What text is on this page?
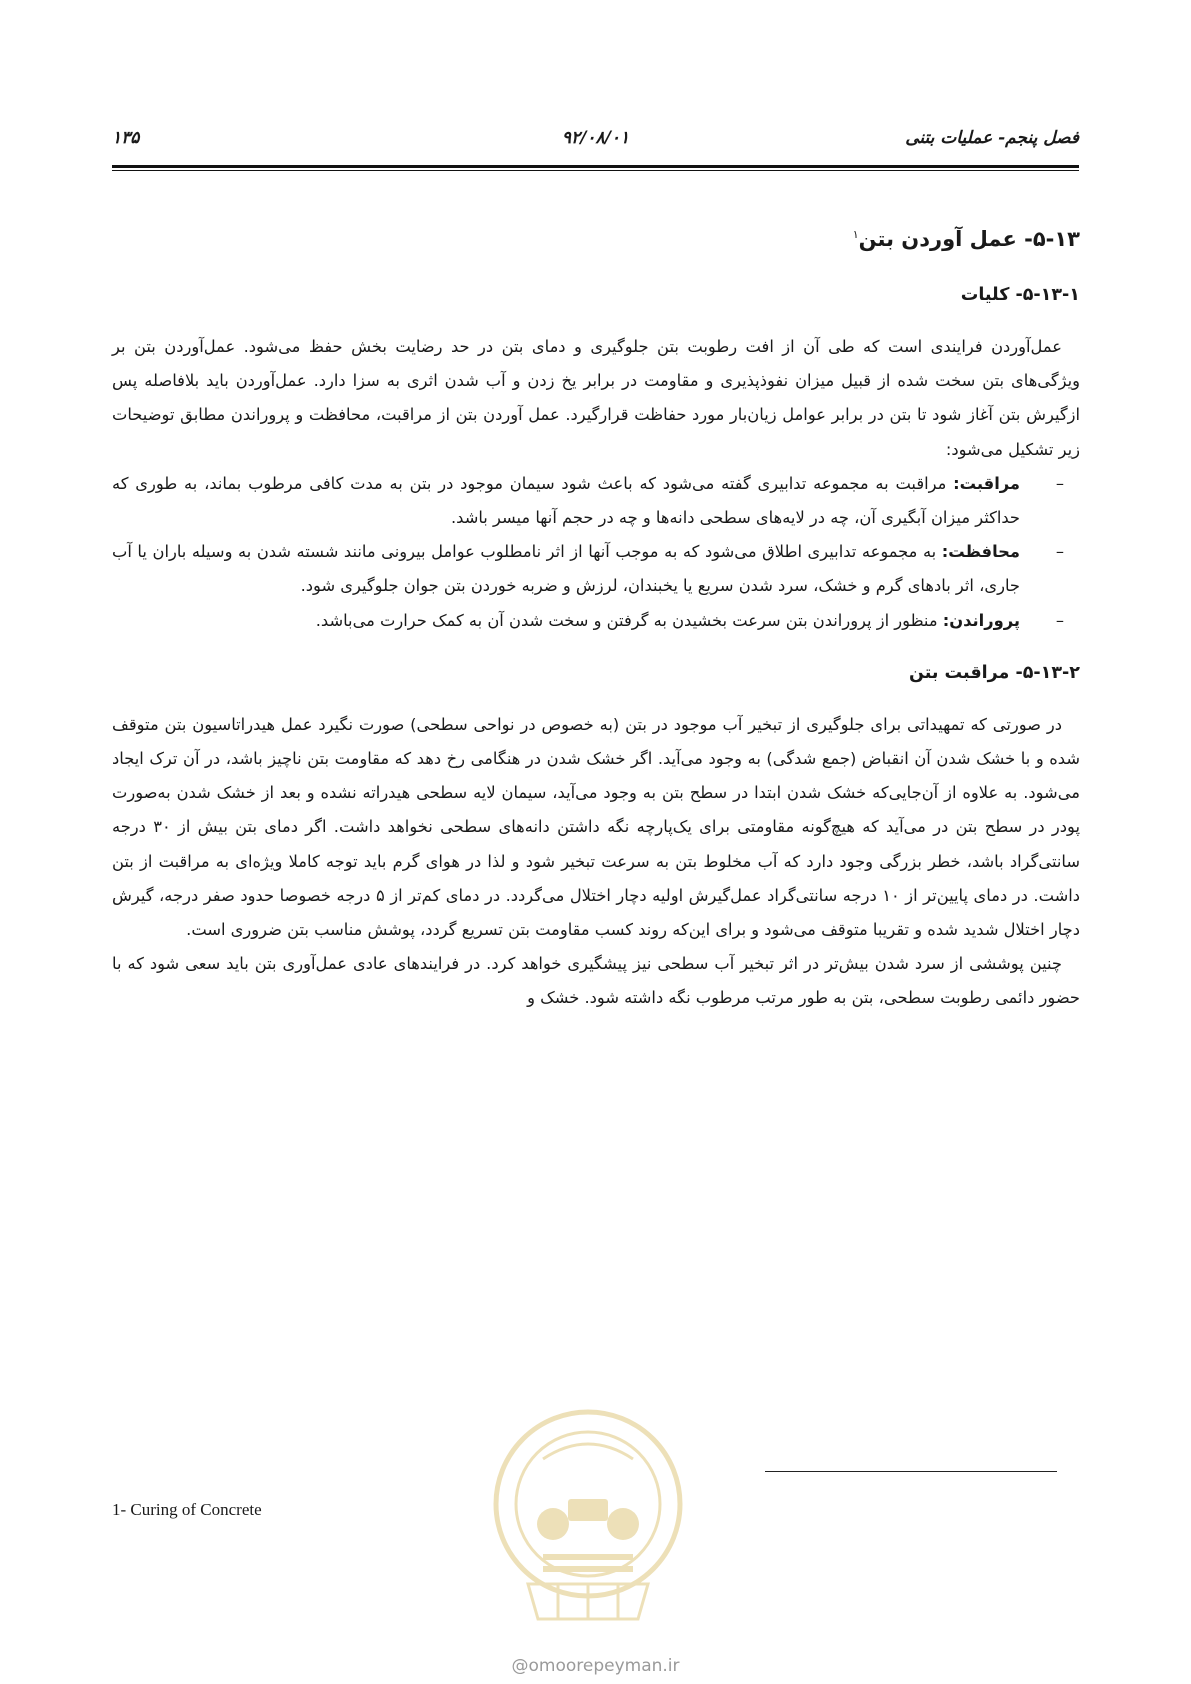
فصل پنجم- عملیات بتنی
۹۲/۰۸/۰۱
۱۳۵
۵-۱۳- عمل آوردن بتن$^۱$
۵-۱۳-۱- کلیات

عمل‌آوردن فرایندی است که طی آن از افت رطوبت بتن جلوگیری و دمای بتن در حد رضایت بخش حفظ می‌شود. عمل‌آوردن بتن بر ویژگی‌های بتن سخت شده از قبیل میزان نفوذپذیری و مقاومت در برابر یخ زدن و آب شدن اثری به سزا دارد. عمل‌آوردن باید بلافاصله پس ازگیرش بتن آغاز شود تا بتن در برابر عوامل زیان‌بار مورد حفاظت قرارگیرد. عمل آوردن بتن از مراقبت، محافظت و پروراندن مطابق توضیحات زیر تشکیل می‌شود:

–
مراقبت: مراقبت به مجموعه تدابیری گفته می‌شود که باعث شود سیمان موجود در بتن به مدت کافی مرطوب بماند، به طوری که حداکثر میزان آبگیری آن، چه در لایه‌های سطحی دانه‌ها و چه در حجم آنها میسر باشد.
–
محافظت: به مجموعه تدابیری اطلاق می‌شود که به موجب آنها از اثر نامطلوب عوامل بیرونی مانند شسته شدن به وسیله باران یا آب جاری، اثر بادهای گرم و خشک، سرد شدن سریع یا یخبندان، لرزش و ضربه خوردن بتن جوان جلوگیری شود.
–
پروراندن: منظور از پروراندن بتن سرعت بخشیدن به گرفتن و سخت شدن آن به کمک حرارت می‌باشد.
۵-۱۳-۲- مراقبت بتن

در صورتی که تمهیداتی برای جلوگیری از تبخیر آب موجود در بتن (به خصوص در نواحی سطحی) صورت نگیرد عمل هیدراتاسیون بتن متوقف شده و با خشک شدن آن انقباض (جمع شدگی) به وجود می‌آید. اگر خشک شدن در هنگامی رخ دهد که مقاومت بتن ناچیز باشد، در آن ترک ایجاد می‌شود. به علاوه از آن‌جایی‌که خشک شدن ابتدا در سطح بتن به وجود می‌آید، سیمان لایه سطحی هیدراته نشده و بعد از خشک شدن به‌صورت پودر در سطح بتن در می‌آید که هیچ‌گونه مقاومتی برای یک‌پارچه نگه داشتن دانه‌های سطحی نخواهد داشت. اگر دمای بتن بیش از ۳۰ درجه سانتی‌گراد باشد، خطر بزرگی وجود دارد که آب مخلوط بتن به سرعت تبخیر شود و لذا در هوای گرم باید توجه کاملا ویژه‌ای به مراقبت از بتن داشت. در دمای پایین‌تر از ۱۰ درجه سانتی‌گراد عمل‌گیرش اولیه دچار اختلال می‌گردد. در دمای کم‌تر از ۵ درجه خصوصا حدود صفر درجه، گیرش دچار اختلال شدید شده و تقریبا متوقف می‌شود و برای این‌که روند کسب مقاومت بتن تسریع گردد، پوشش مناسب بتن ضروری است.

چنین پوششی از سرد شدن بیش‌تر در اثر تبخیر آب سطحی نیز پیشگیری خواهد کرد. در فرایندهای عادی عمل‌آوری بتن باید سعی شود که با حضور دائمی رطوبت سطحی، بتن به طور مرتب مرطوب نگه داشته شود. خشک و

1- Curing of Concrete
@omoorepeyman.ir
